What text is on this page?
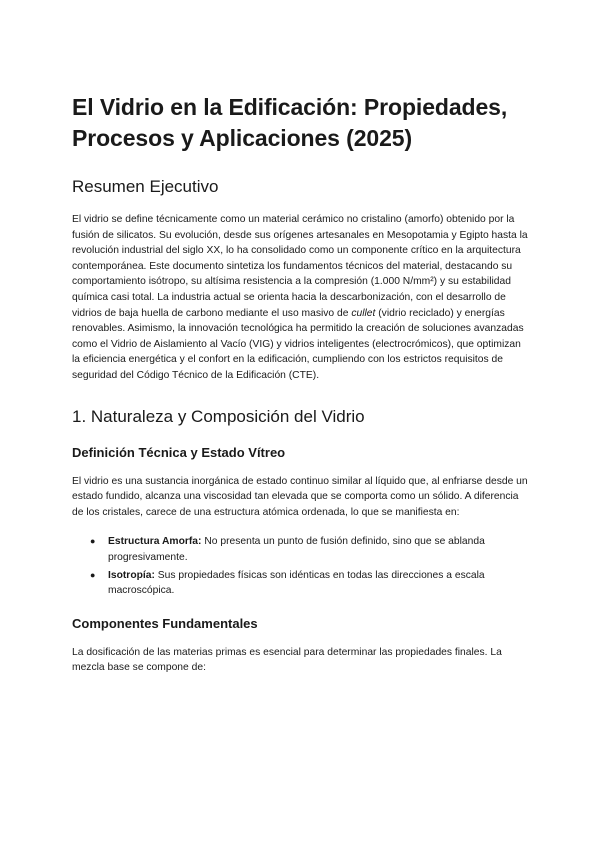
El Vidrio en la Edificación: Propiedades, Procesos y Aplicaciones (2025)
Resumen Ejecutivo

El vidrio se define técnicamente como un material cerámico no cristalino (amorfo) obtenido por la fusión de silicatos. Su evolución, desde sus orígenes artesanales en Mesopotamia y Egipto hasta la revolución industrial del siglo XX, lo ha consolidado como un componente crítico en la arquitectura contemporánea. Este documento sintetiza los fundamentos técnicos del material, destacando su comportamiento isótropo, su altísima resistencia a la compresión (1.000 N/mm²) y su estabilidad química casi total. La industria actual se orienta hacia la descarbonización, con el desarrollo de vidrios de baja huella de carbono mediante el uso masivo de cullet (vidrio reciclado) y energías renovables. Asimismo, la innovación tecnológica ha permitido la creación de soluciones avanzadas como el Vidrio de Aislamiento al Vacío (VIG) y vidrios inteligentes (electrocrómicos), que optimizan la eficiencia energética y el confort en la edificación, cumpliendo con los estrictos requisitos de seguridad del Código Técnico de la Edificación (CTE).

1. Naturaleza y Composición del Vidrio
Definición Técnica y Estado Vítreo

El vidrio es una sustancia inorgánica de estado continuo similar al líquido que, al enfriarse desde un estado fundido, alcanza una viscosidad tan elevada que se comporta como un sólido. A diferencia de los cristales, carece de una estructura atómica ordenada, lo que se manifiesta en:

● Estructura Amorfa: No presenta un punto de fusión definido, sino que se ablanda progresivamente.
● Isotropía: Sus propiedades físicas son idénticas en todas las direcciones a escala macroscópica.
Componentes Fundamentales

La dosificación de las materias primas es esencial para determinar las propiedades finales. La mezcla base se compone de:
